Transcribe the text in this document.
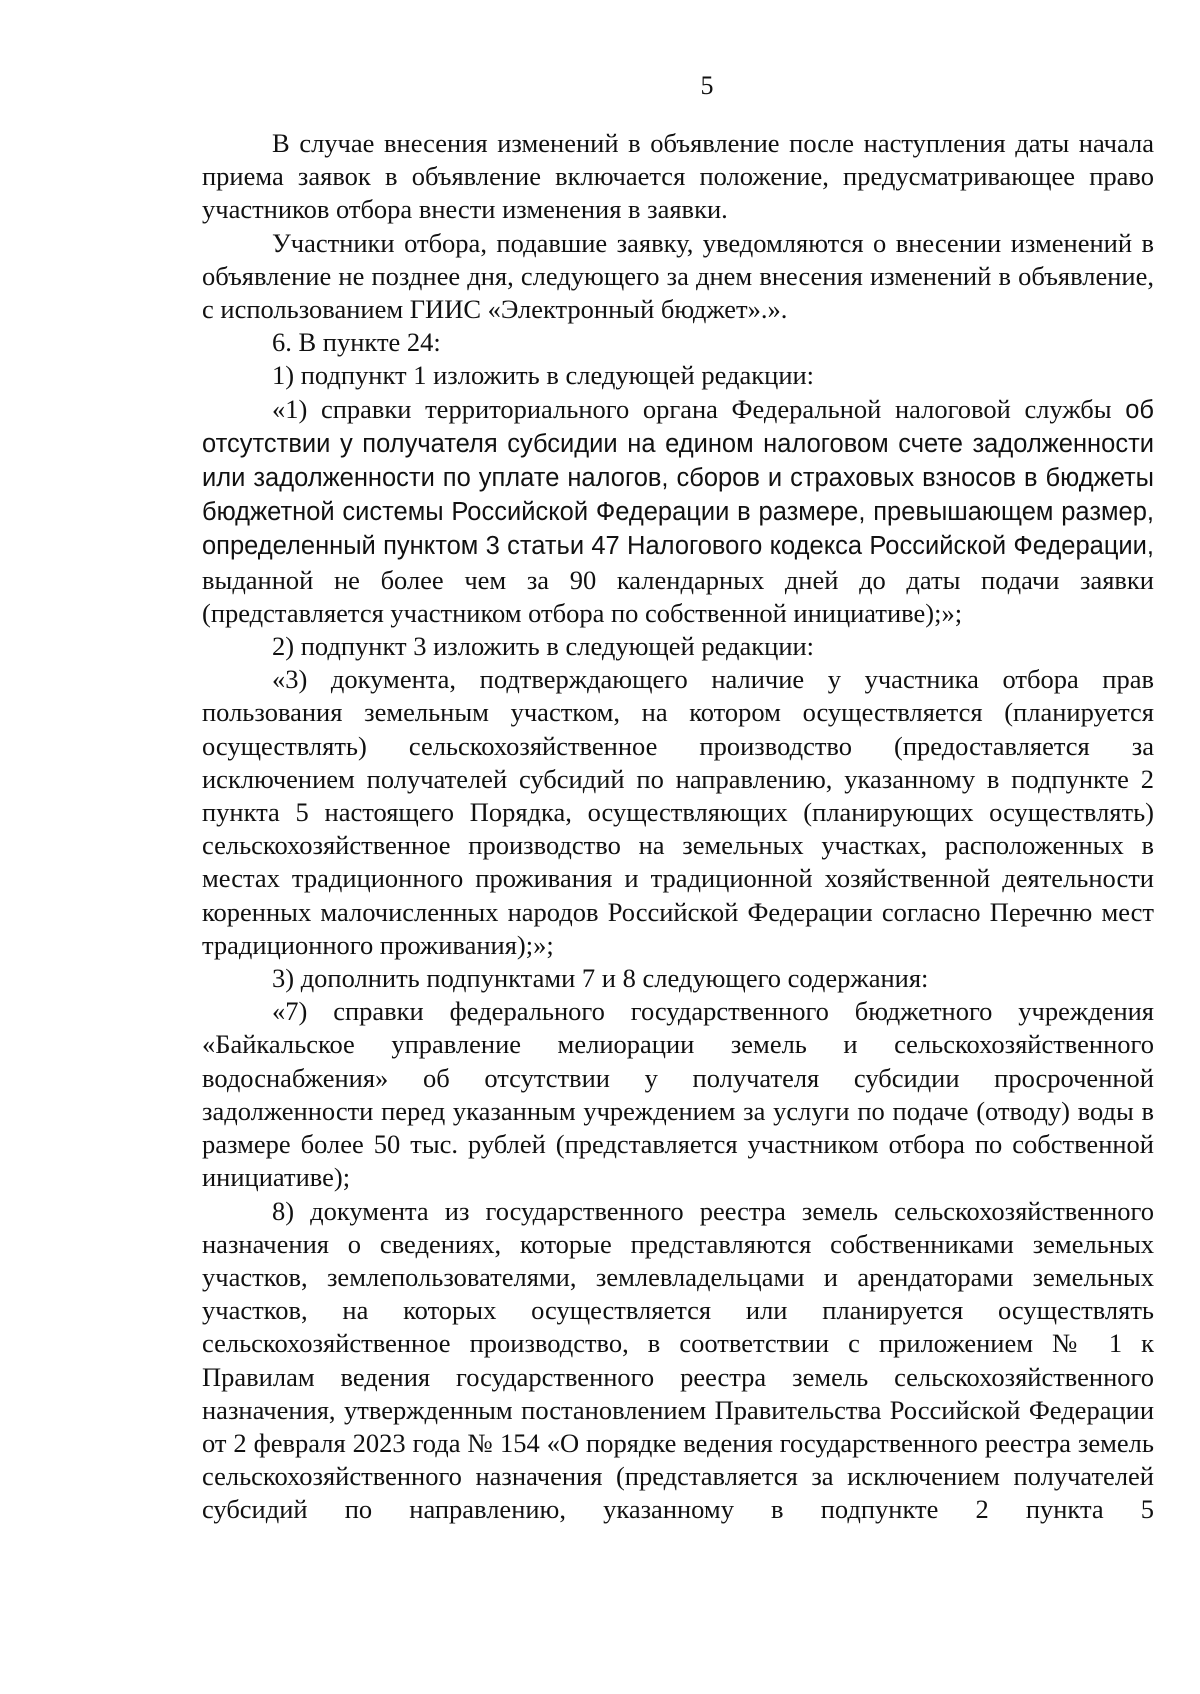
5

В случае внесения изменений в объявление после наступления даты начала приема заявок в объявление включается положение, предусматривающее право участников отбора внести изменения в заявки.

Участники отбора, подавшие заявку, уведомляются о внесении изменений в объявление не позднее дня, следующего за днем внесения изменений в объявление, с использованием ГИИС «Электронный бюджет».».

6. В пункте 24:

1) подпункт 1 изложить в следующей редакции:

«1) справки территориального органа Федеральной налоговой службы об отсутствии у получателя субсидии на едином налоговом счете задолженности или задолженности по уплате налогов, сборов и страховых взносов в бюджеты бюджетной системы Российской Федерации в размере, превышающем размер, определенный пунктом 3 статьи 47 Налогового кодекса Российской Федерации, выданной не более чем за 90 календарных дней до даты подачи заявки (представляется участником отбора по собственной инициативе);»;

2) подпункт 3 изложить в следующей редакции:

«3) документа, подтверждающего наличие у участника отбора прав пользования земельным участком, на котором осуществляется (планируется осуществлять) сельскохозяйственное производство (предоставляется за исключением получателей субсидий по направлению, указанному в подпункте 2 пункта 5 настоящего Порядка, осуществляющих (планирующих осуществлять) сельскохозяйственное производство на земельных участках, расположенных в местах традиционного проживания и традиционной хозяйственной деятельности коренных малочисленных народов Российской Федерации согласно Перечню мест традиционного проживания);»;

3) дополнить подпунктами 7 и 8 следующего содержания:

«7) справки федерального государственного бюджетного учреждения «Байкальское управление мелиорации земель и сельскохозяйственного водоснабжения» об отсутствии у получателя субсидии просроченной задолженности перед указанным учреждением за услуги по подаче (отводу) воды в размере более 50 тыс. рублей (представляется участником отбора по собственной инициативе);

8) документа из государственного реестра земель сельскохозяйственного назначения о сведениях, которые представляются собственниками земельных участков, землепользователями, землевладельцами и арендаторами земельных участков, на которых осуществляется или планируется осуществлять сельскохозяйственное производство, в соответствии с приложением № 1 к Правилам ведения государственного реестра земель сельскохозяйственного назначения, утвержденным постановлением Правительства Российской Федерации от 2 февраля 2023 года № 154 «О порядке ведения государственного реестра земель сельскохозяйственного назначения (представляется за исключением получателей субсидий по направлению, указанному в подпункте 2 пункта 5
